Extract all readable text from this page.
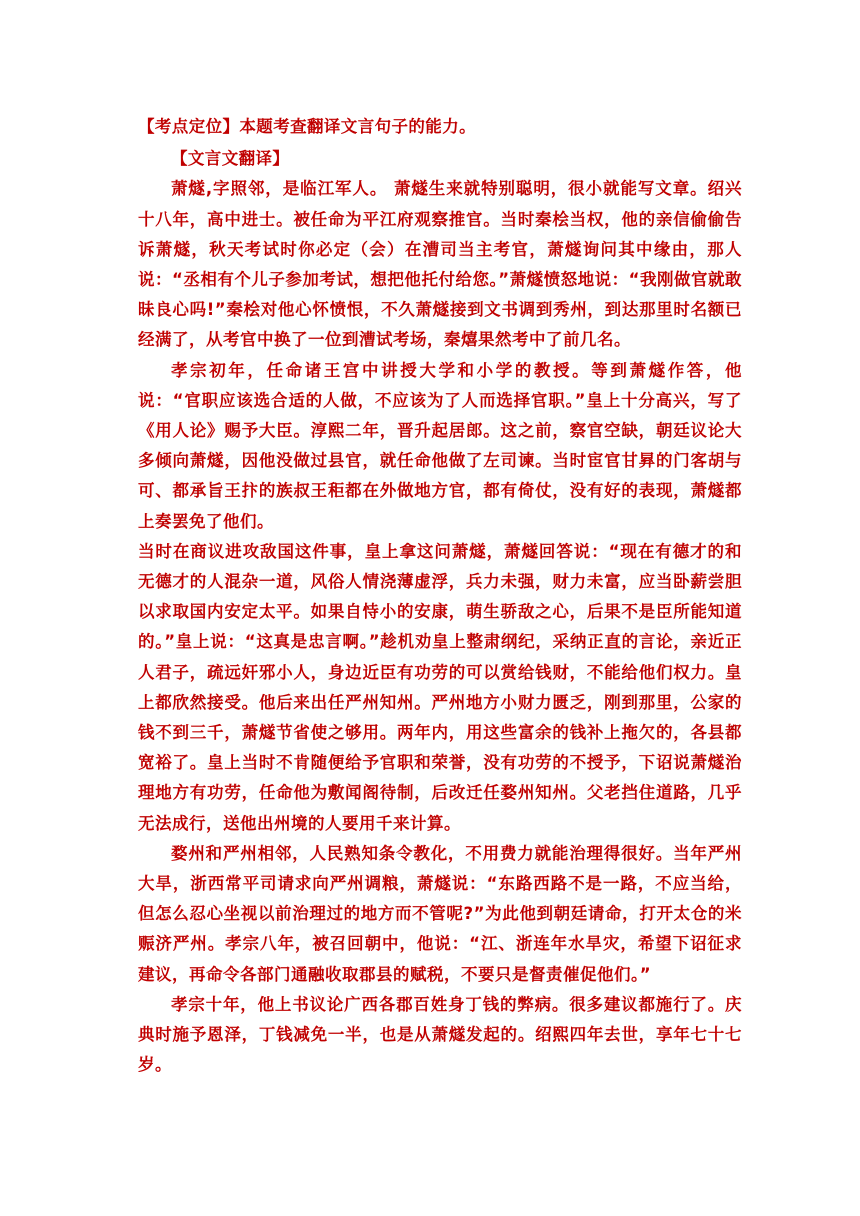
【考点定位】本题考查翻译文言句子的能力。

【文言文翻译】

萧燧,字照邻，是临江军人。 萧燧生来就特别聪明，很小就能写文章。绍兴十八年，高中进士。被任命为平江府观察推官。当时秦桧当权，他的亲信偷偷告诉萧燧，秋天考试时你必定（会）在漕司当主考官，萧燧询问其中缘由，那人说：“丞相有个儿子参加考试，想把他托付给您。”萧燧愤怒地说：“我刚做官就敢昧良心吗!”秦桧对他心怀愤恨，不久萧燧接到文书调到秀州，到达那里时名额已经满了，从考官中换了一位到漕试考场，秦熺果然考中了前几名。

孝宗初年，任命诸王宫中讲授大学和小学的教授。等到萧燧作答，他说：“官职应该选合适的人做，不应该为了人而选择官职。”皇上十分高兴，写了《用人论》赐予大臣。淳熙二年，晋升起居郎。这之前，察官空缺，朝廷议论大多倾向萧燧，因他没做过县官，就任命他做了左司谏。当时宦官甘昪的门客胡与可、都承旨王抃的族叔王秬都在外做地方官，都有倚仗，没有好的表现，萧燧都上奏罢免了他们。

当时在商议进攻敌国这件事，皇上拿这问萧燧，萧燧回答说：“现在有德才的和无德才的人混杂一道，风俗人情浇薄虚浮，兵力未强，财力未富，应当卧薪尝胆以求取国内安定太平。如果自恃小的安康，萌生骄敌之心，后果不是臣所能知道的。”皇上说：“这真是忠言啊。”趁机劝皇上整肃纲纪，采纳正直的言论，亲近正人君子，疏远奸邪小人，身边近臣有功劳的可以赏给钱财，不能给他们权力。皇上都欣然接受。他后来出任严州知州。严州地方小财力匮乏，刚到那里，公家的钱不到三千，萧燧节省使之够用。两年内，用这些富余的钱补上拖欠的，各县都宽裕了。皇上当时不肯随便给予官职和荣誉，没有功劳的不授予，下诏说萧燧治理地方有功劳，任命他为敷闻阁待制，后改迁任婺州知州。父老挡住道路，几乎无法成行，送他出州境的人要用千来计算。

婺州和严州相邻，人民熟知条令教化，不用费力就能治理得很好。当年严州大旱，浙西常平司请求向严州调粮，萧燧说：“东路西路不是一路，不应当给，但怎么忍心坐视以前治理过的地方而不管呢?”为此他到朝廷请命，打开太仓的米赈济严州。孝宗八年，被召回朝中，他说：“江、浙连年水旱灾，希望下诏征求建议，再命令各部门通融收取郡县的赋税，不要只是督责催促他们。”

孝宗十年，他上书议论广西各郡百姓身丁钱的弊病。很多建议都施行了。庆典时施予恩泽，丁钱减免一半，也是从萧燧发起的。绍熙四年去世，享年七十七岁。
